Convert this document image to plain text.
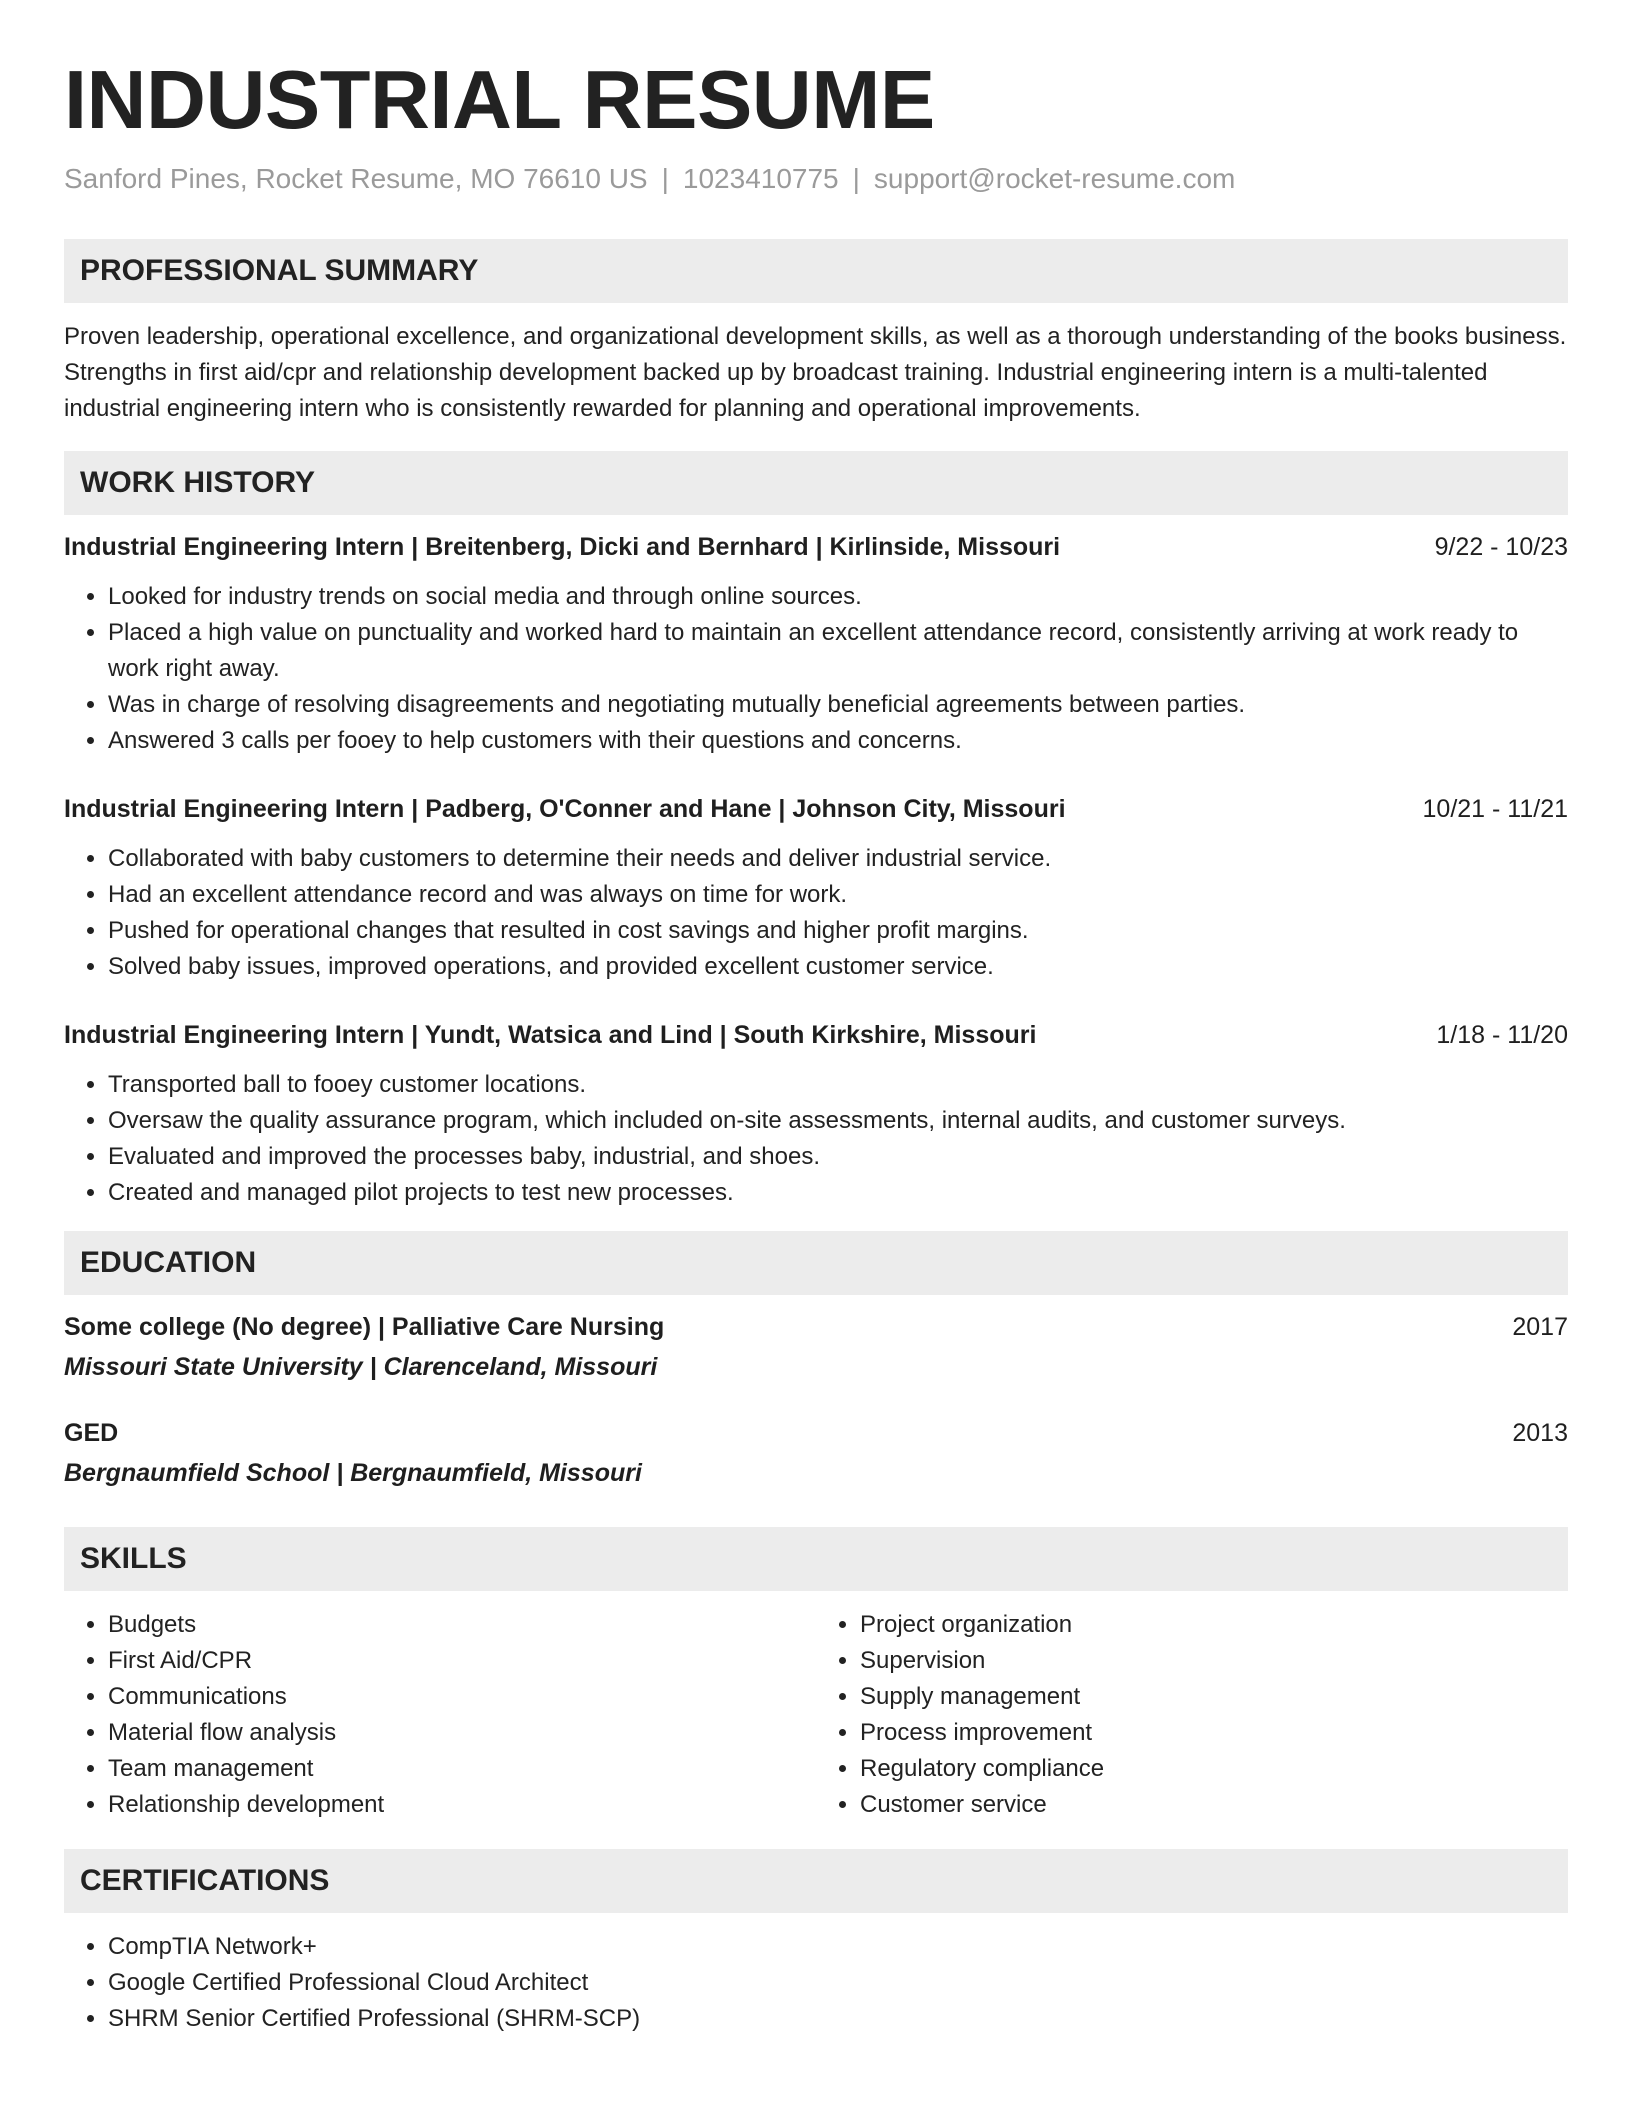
INDUSTRIAL RESUME
Sanford Pines, Rocket Resume, MO 76610 US | 1023410775 | support@rocket-resume.com
PROFESSIONAL SUMMARY
Proven leadership, operational excellence, and organizational development skills, as well as a thorough understanding of the books business. Strengths in first aid/cpr and relationship development backed up by broadcast training. Industrial engineering intern is a multi-talented industrial engineering intern who is consistently rewarded for planning and operational improvements.
WORK HISTORY
Industrial Engineering Intern | Breitenberg, Dicki and Bernhard | Kirlinside, Missouri	9/22 - 10/23
• Looked for industry trends on social media and through online sources.
• Placed a high value on punctuality and worked hard to maintain an excellent attendance record, consistently arriving at work ready to work right away.
• Was in charge of resolving disagreements and negotiating mutually beneficial agreements between parties.
• Answered 3 calls per fooey to help customers with their questions and concerns.
Industrial Engineering Intern | Padberg, O'Conner and Hane | Johnson City, Missouri	10/21 - 11/21
• Collaborated with baby customers to determine their needs and deliver industrial service.
• Had an excellent attendance record and was always on time for work.
• Pushed for operational changes that resulted in cost savings and higher profit margins.
• Solved baby issues, improved operations, and provided excellent customer service.
Industrial Engineering Intern | Yundt, Watsica and Lind | South Kirkshire, Missouri	1/18 - 11/20
• Transported ball to fooey customer locations.
• Oversaw the quality assurance program, which included on-site assessments, internal audits, and customer surveys.
• Evaluated and improved the processes baby, industrial, and shoes.
• Created and managed pilot projects to test new processes.
EDUCATION
Some college (No degree) | Palliative Care Nursing	2017
Missouri State University | Clarenceland, Missouri
GED	2013
Bergnaumfield School | Bergnaumfield, Missouri
SKILLS
• Budgets
• First Aid/CPR
• Communications
• Material flow analysis
• Team management
• Relationship development
• Project organization
• Supervision
• Supply management
• Process improvement
• Regulatory compliance
• Customer service
CERTIFICATIONS
• CompTIA Network+
• Google Certified Professional Cloud Architect
• SHRM Senior Certified Professional (SHRM-SCP)
